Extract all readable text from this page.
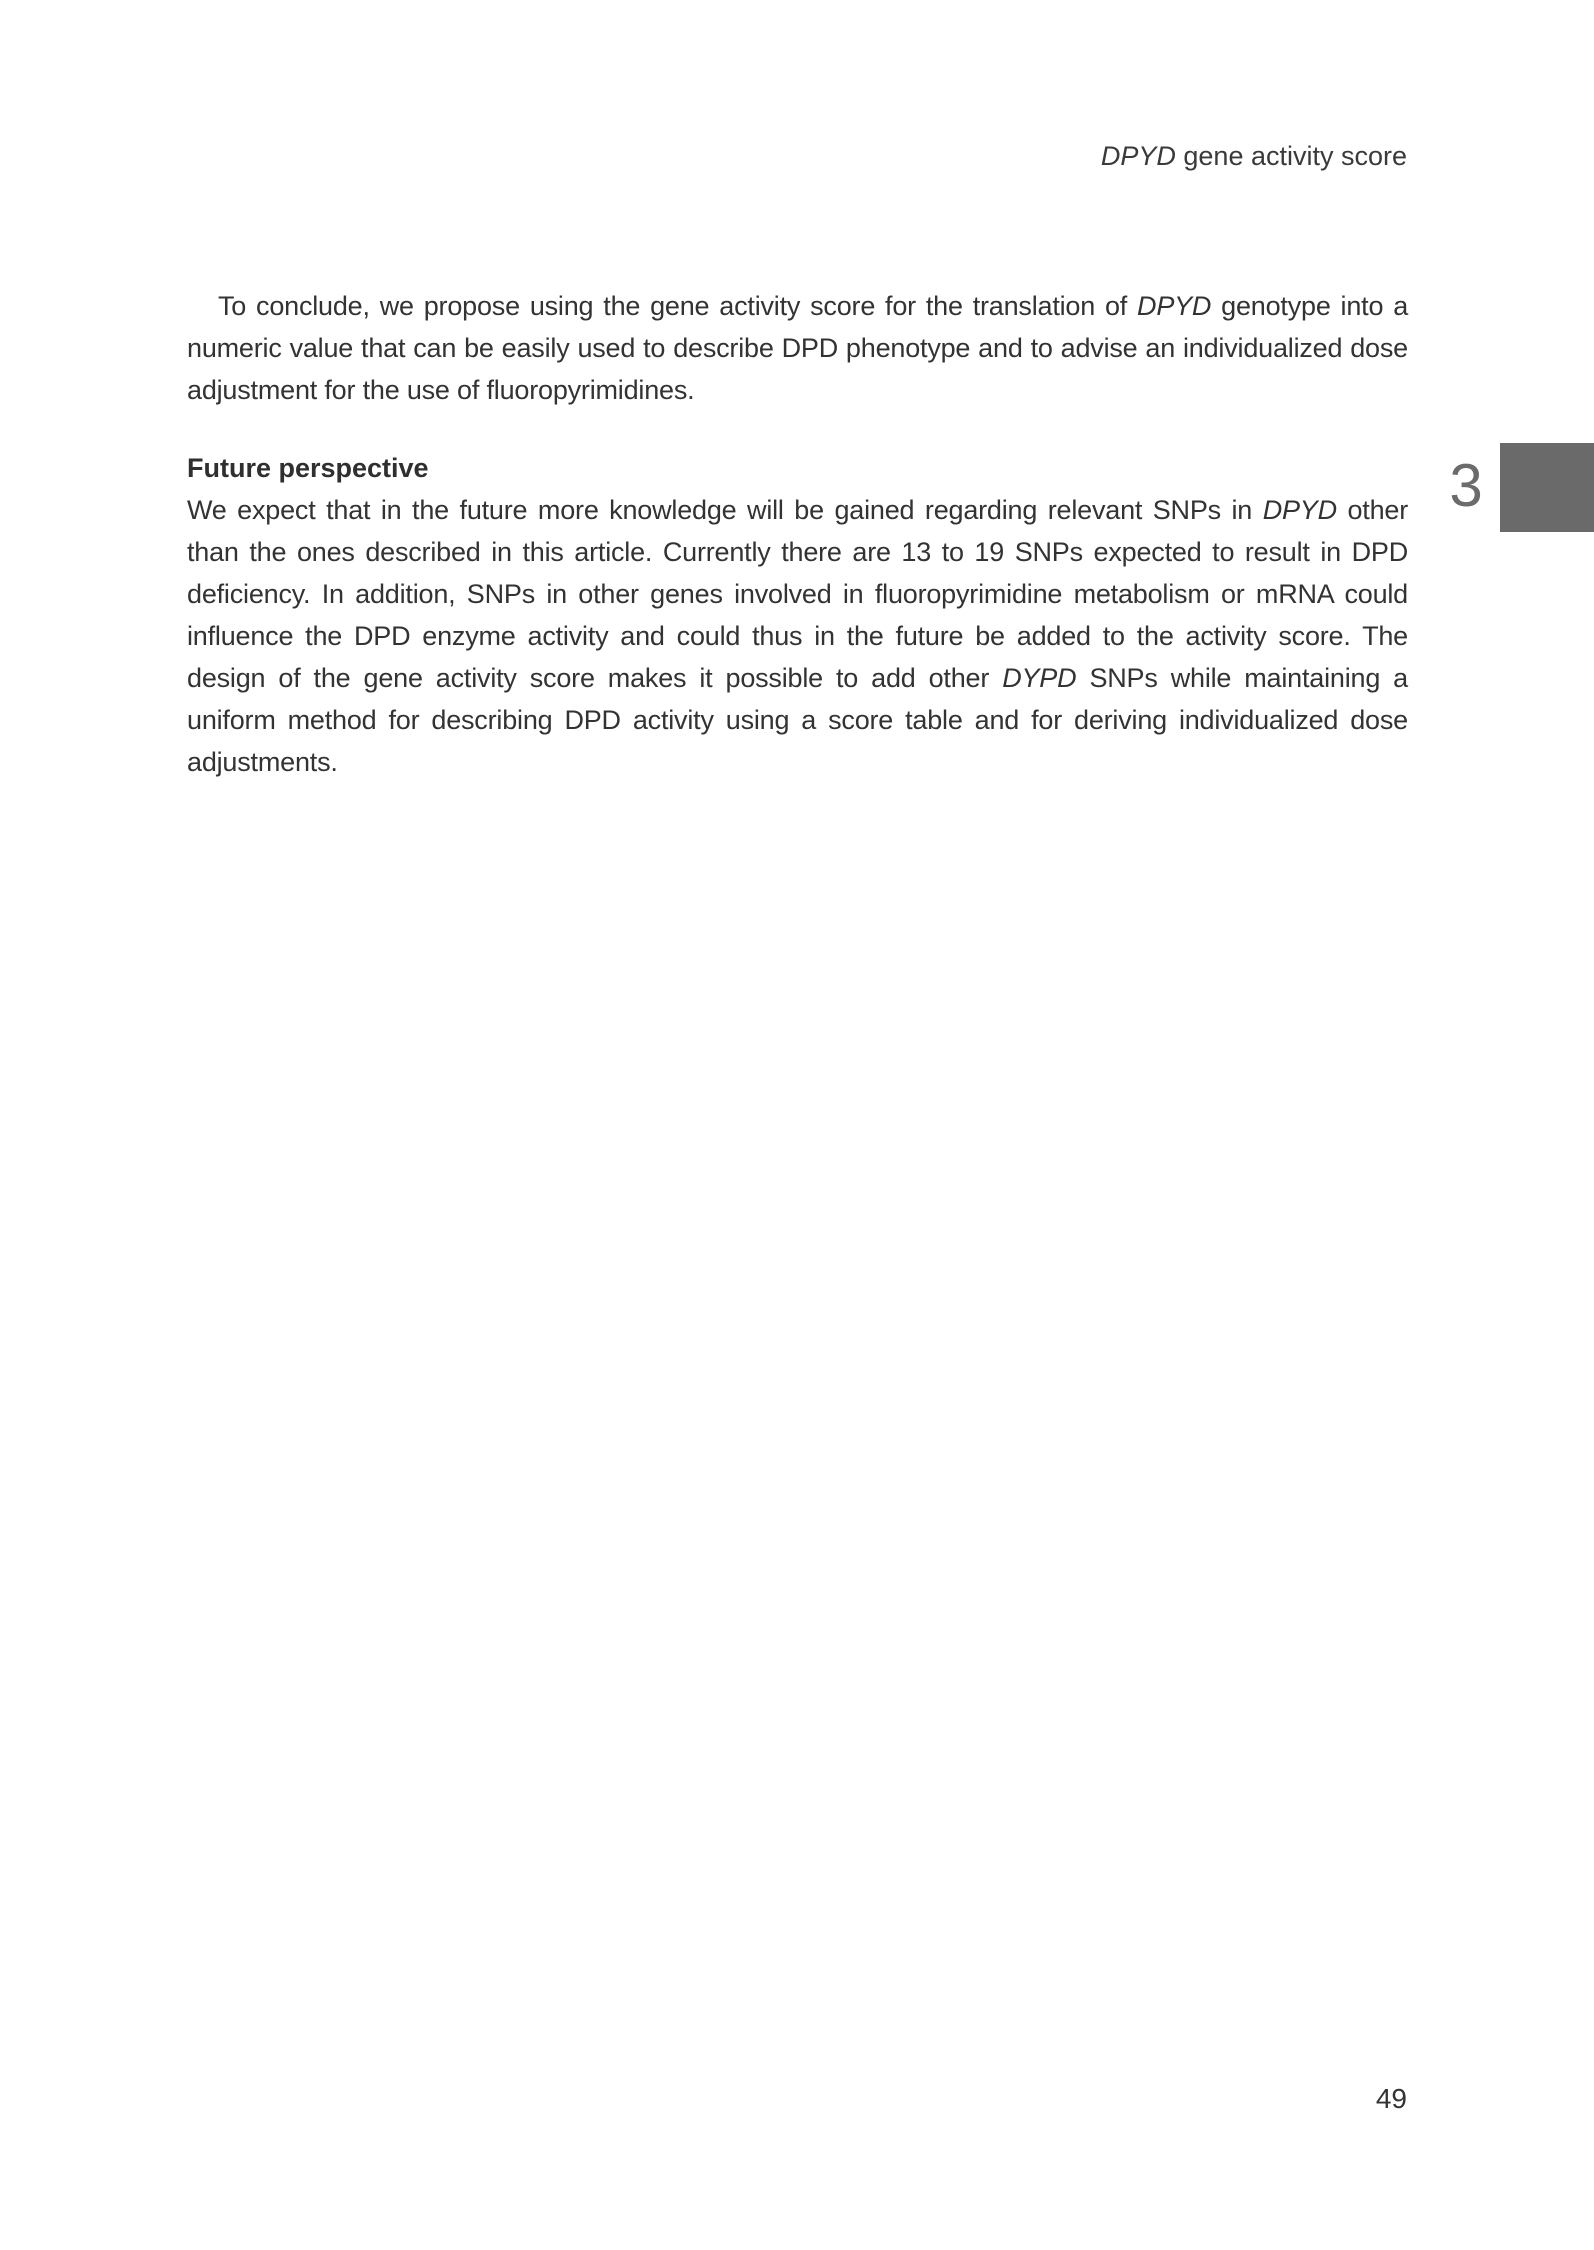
DPYD gene activity score

To conclude, we propose using the gene activity score for the translation of DPYD genotype into a numeric value that can be easily used to describe DPD phenotype and to advise an individualized dose adjustment for the use of fluoropyrimidines.

Future perspective

We expect that in the future more knowledge will be gained regarding relevant SNPs in DPYD other than the ones described in this article. Currently there are 13 to 19 SNPs expected to result in DPD deficiency. In addition, SNPs in other genes involved in fluoropyrimidine metabolism or mRNA could influence the DPD enzyme activity and could thus in the future be added to the activity score. The design of the gene activity score makes it possible to add other DYPD SNPs while maintaining a uniform method for describing DPD activity using a score table and for deriving individualized dose adjustments.

3
49
